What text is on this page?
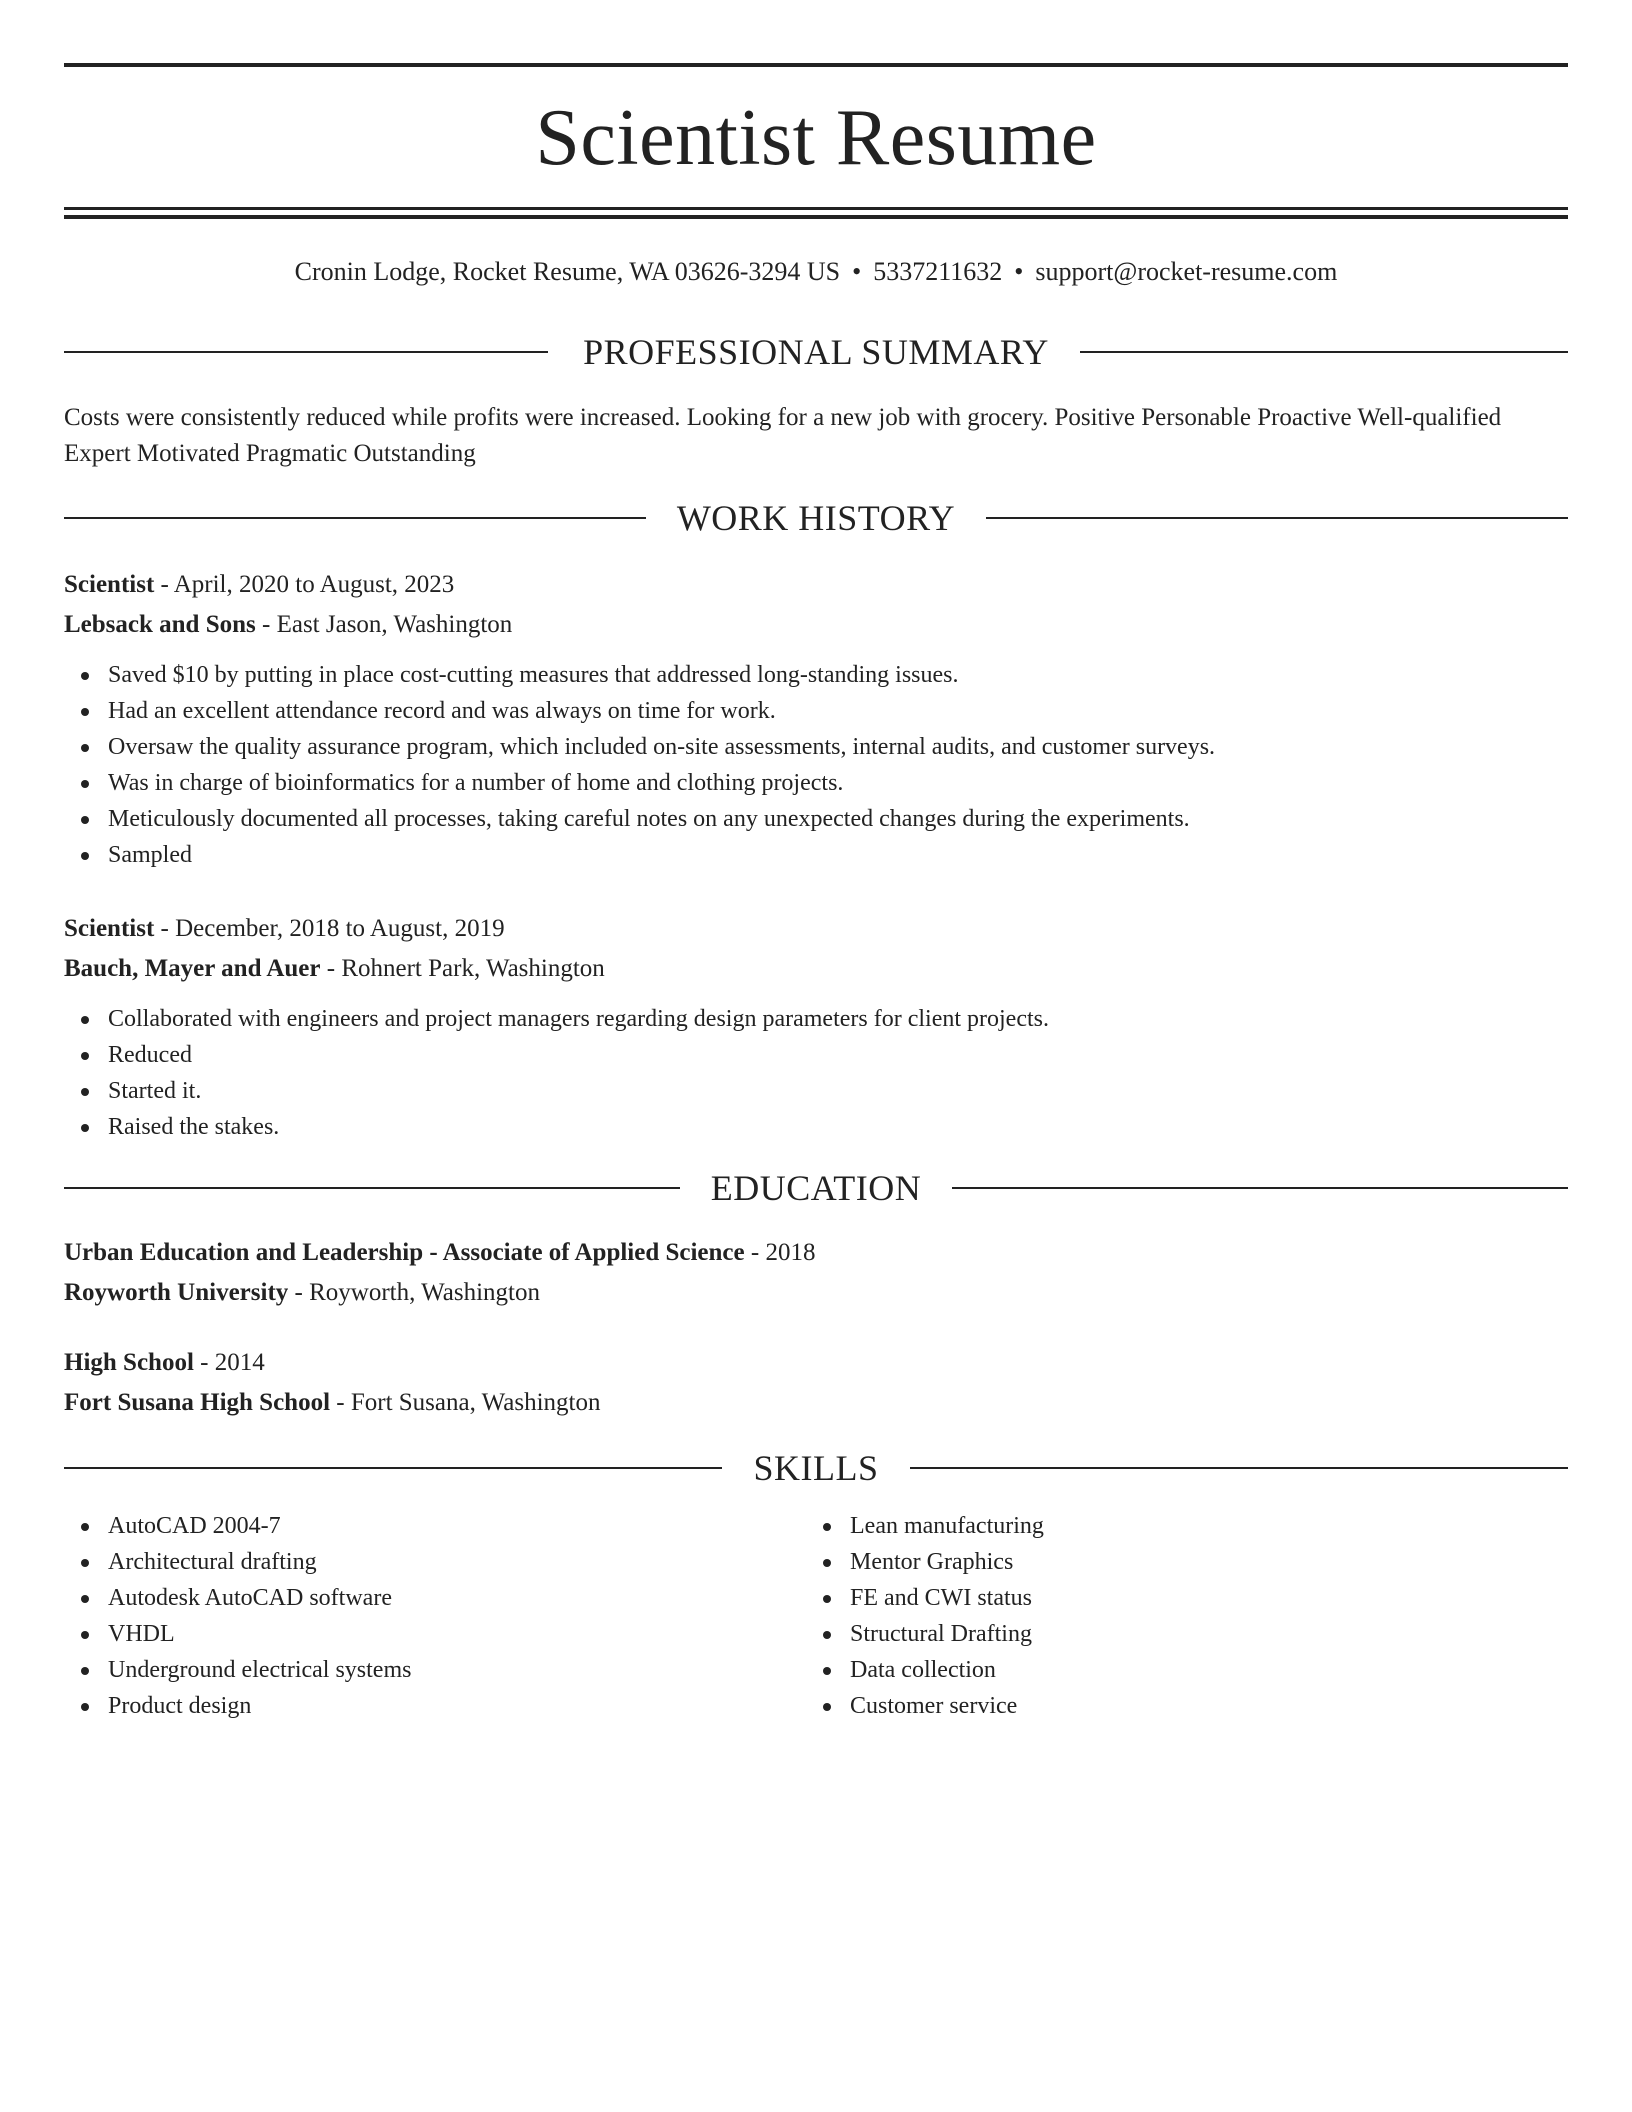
Scientist Resume
Cronin Lodge, Rocket Resume, WA 03626-3294 US • 5337211632 • support@rocket-resume.com
PROFESSIONAL SUMMARY
Costs were consistently reduced while profits were increased. Looking for a new job with grocery. Positive Personable Proactive Well-qualified Expert Motivated Pragmatic Outstanding
WORK HISTORY
Scientist - April, 2020 to August, 2023
Lebsack and Sons - East Jason, Washington
Saved $10 by putting in place cost-cutting measures that addressed long-standing issues.
Had an excellent attendance record and was always on time for work.
Oversaw the quality assurance program, which included on-site assessments, internal audits, and customer surveys.
Was in charge of bioinformatics for a number of home and clothing projects.
Meticulously documented all processes, taking careful notes on any unexpected changes during the experiments.
Sampled
Scientist - December, 2018 to August, 2019
Bauch, Mayer and Auer - Rohnert Park, Washington
Collaborated with engineers and project managers regarding design parameters for client projects.
Reduced
Started it.
Raised the stakes.
EDUCATION
Urban Education and Leadership - Associate of Applied Science - 2018
Royworth University - Royworth, Washington
High School - 2014
Fort Susana High School - Fort Susana, Washington
SKILLS
AutoCAD 2004-7
Architectural drafting
Autodesk AutoCAD software
VHDL
Underground electrical systems
Product design
Lean manufacturing
Mentor Graphics
FE and CWI status
Structural Drafting
Data collection
Customer service
